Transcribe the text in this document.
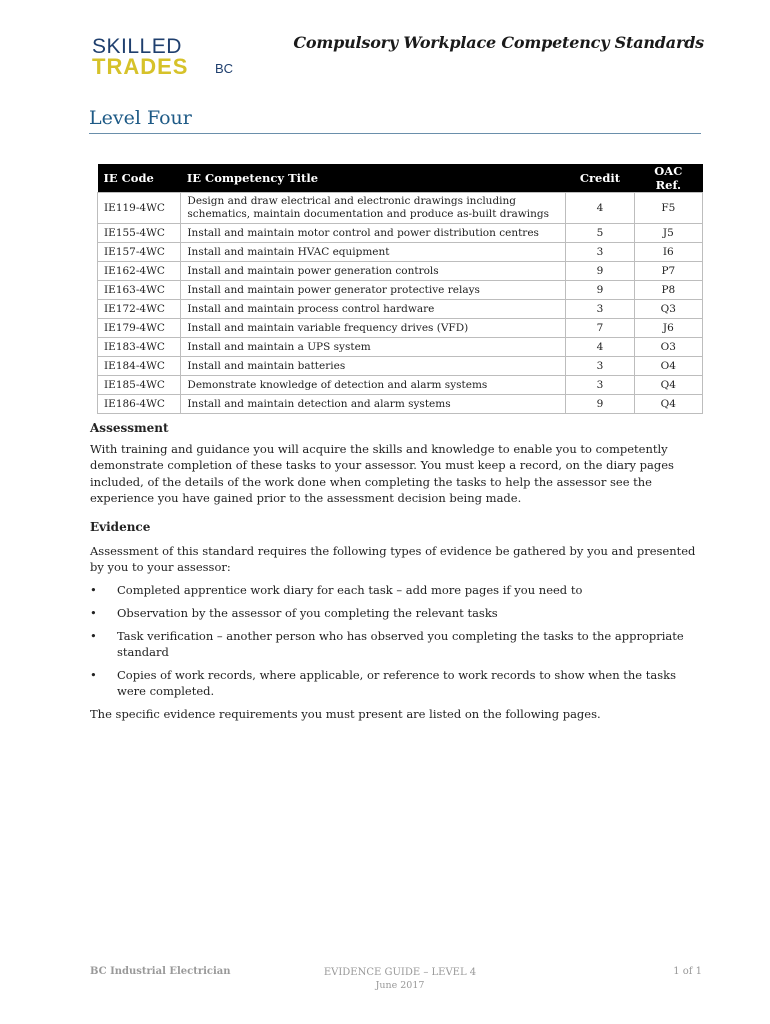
SKILLED
TRADES BC
Compulsory Workplace Competency Standards
Level Four
IE Code	IE Competency Title	Credit	OAC Ref.
IE119-4WC	Design and draw electrical and electronic drawings including schematics, maintain documentation and produce as-built drawings	4	F5
IE155-4WC	Install and maintain motor control and power distribution centres	5	J5
IE157-4WC	Install and maintain HVAC equipment	3	I6
IE162-4WC	Install and maintain power generation controls	9	P7
IE163-4WC	Install and maintain power generator protective relays	9	P8
IE172-4WC	Install and maintain process control hardware	3	Q3
IE179-4WC	Install and maintain variable frequency drives (VFD)	7	J6
IE183-4WC	Install and maintain a UPS system	4	O3
IE184-4WC	Install and maintain batteries	3	O4
IE185-4WC	Demonstrate knowledge of detection and alarm systems	3	Q4
IE186-4WC	Install and maintain detection and alarm systems	9	Q4
Assessment
With training and guidance you will acquire the skills and knowledge to enable you to competently demonstrate completion of these tasks to your assessor. You must keep a record, on the diary pages included, of the details of the work done when completing the tasks to help the assessor see the experience you have gained prior to the assessment decision being made.
Evidence
Assessment of this standard requires the following types of evidence be gathered by you and presented by you to your assessor:
• Completed apprentice work diary for each task – add more pages if you need to
• Observation by the assessor of you completing the relevant tasks
• Task verification – another person who has observed you completing the tasks to the appropriate standard
• Copies of work records, where applicable, or reference to work records to show when the tasks were completed.
The specific evidence requirements you must present are listed on the following pages.
BC Industrial Electrician	EVIDENCE GUIDE – LEVEL 4
June 2017
1 of 1
